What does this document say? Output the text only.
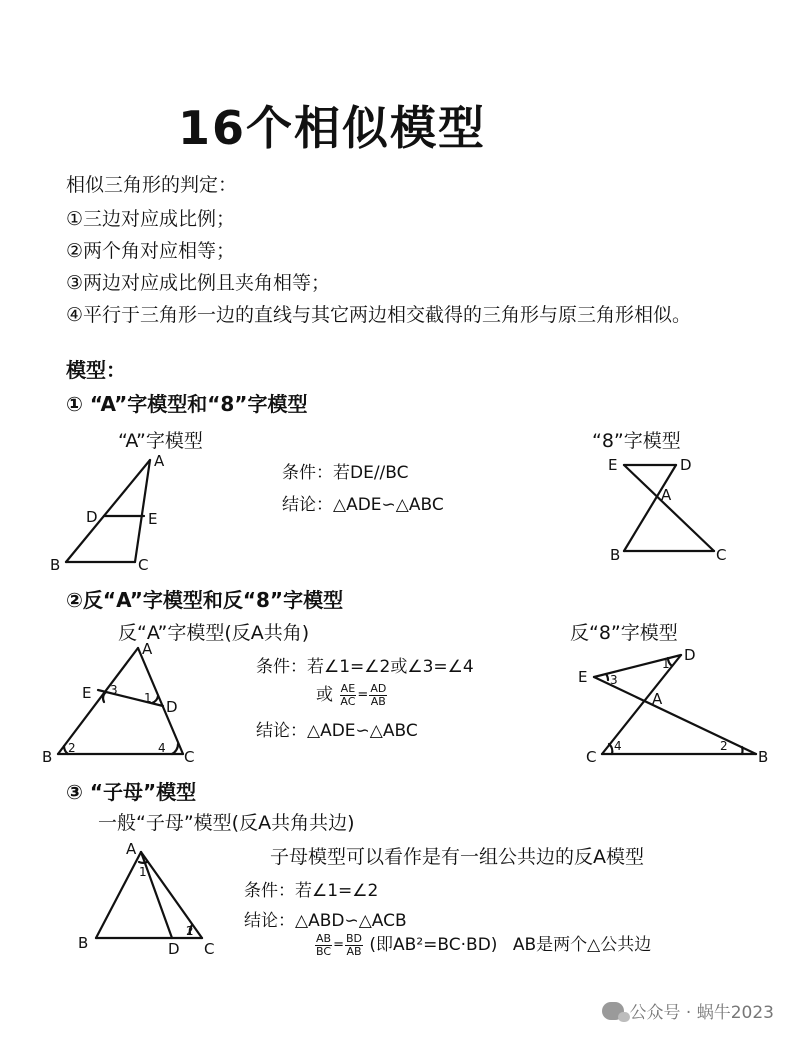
16个相似模型
相似三角形的判定：
①三边对应成比例；
②两个角对应相等；
③两边对应成比例且夹角相等；
④平行于三角形一边的直线与其它两边相交截得的三角形与原三角形相似。
模型：
① “A”字模型和“8”字模型
“A”字模型
条件：若DE//BC
结论：△ADE∽△ABC
“8”字模型
A
D	E
B	C
E	D
A
B	C
②反“A”字模型和反“8”字模型
反“A”字模型(反A共角)
条件：若∠1=∠2或∠3=∠4
或 $\frac{AE}{AC} = \frac{AD}{AB}$
结论：△ADE∽△ABC
反“8”字模型
A
E
D
B	C
1
2
3
4
E
D
A
C	B
1
2
3
4
③ “子母”模型
一般“子母”模型(反A共角共边)
子母模型可以看作是有一组公共边的反A模型
条件：若∠1=∠2
结论：△ABD∽△ACB
$\frac{AB}{BC} = \frac{BD}{AB}$ (即AB²=BC·BD) AB是两个△公共边
A
B	D C
1
2
公众号 · 蜗牛2023
